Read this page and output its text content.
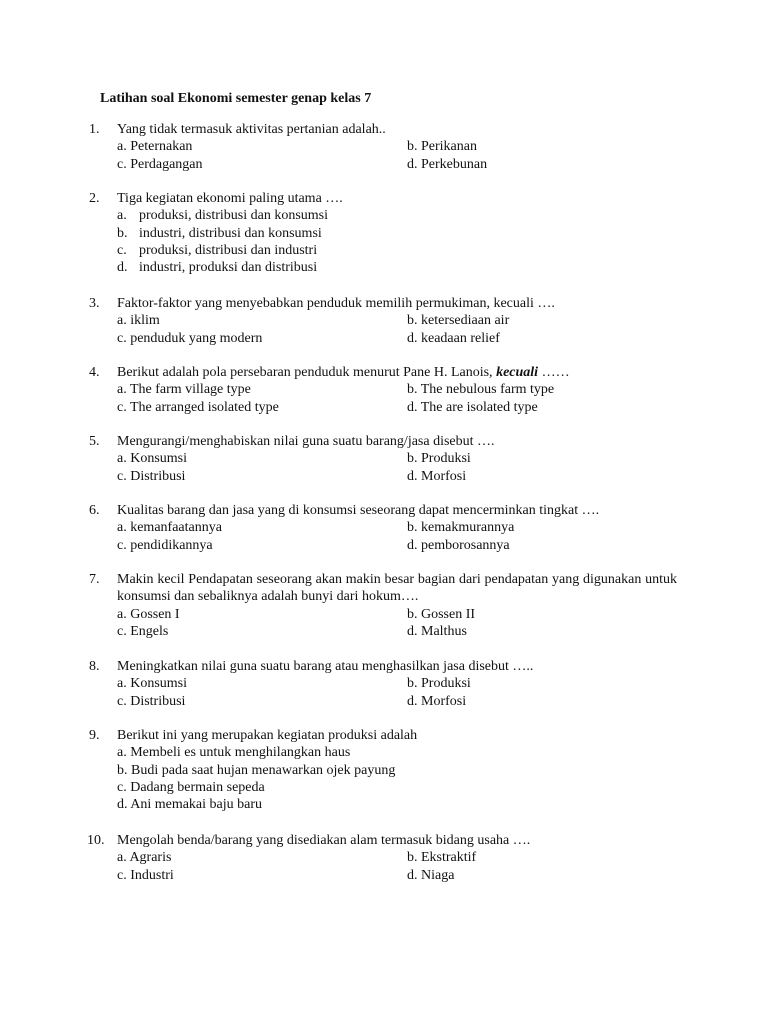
Latihan soal Ekonomi semester genap kelas 7
1. Yang tidak termasuk aktivitas pertanian adalah..
a. Peternakan	b. Perikanan
c. Perdagangan	d. Perkebunan
2. Tiga kegiatan ekonomi paling utama ….
a. produksi, distribusi dan konsumsi
b. industri, distribusi dan konsumsi
c. produksi, distribusi dan industri
d. industri, produksi dan distribusi
3. Faktor-faktor yang menyebabkan penduduk memilih permukiman, kecuali ….
a. iklim	b. ketersediaan air
c. penduduk yang modern	d. keadaan relief
4. Berikut adalah pola persebaran penduduk menurut Pane H. Lanois, kecuali ……
a. The farm village type	b. The nebulous farm type
c. The arranged isolated type	d. The are isolated type
5. Mengurangi/menghabiskan nilai guna suatu barang/jasa disebut ….
a. Konsumsi	b. Produksi
c. Distribusi	d. Morfosi
6. Kualitas barang dan jasa yang di konsumsi seseorang dapat mencerminkan tingkat ….
a. kemanfaatannya	b. kemakmurannya
c. pendidikannya	d. pemborosannya
7. Makin kecil Pendapatan seseorang akan makin besar bagian dari pendapatan yang digunakan untuk konsumsi dan sebaliknya adalah bunyi dari hokum….
a. Gossen I	b. Gossen II
c. Engels	d. Malthus
8. Meningkatkan nilai guna suatu barang atau menghasilkan jasa disebut …..
a. Konsumsi	b. Produksi
c. Distribusi	d. Morfosi
9. Berikut ini yang merupakan kegiatan produksi adalah
a. Membeli es untuk menghilangkan haus
b. Budi pada saat hujan menawarkan ojek payung
c. Dadang bermain sepeda
d. Ani memakai baju baru
10. Mengolah benda/barang yang disediakan alam termasuk bidang usaha ….
a. Agraris	b. Ekstraktif
c. Industri	d. Niaga
